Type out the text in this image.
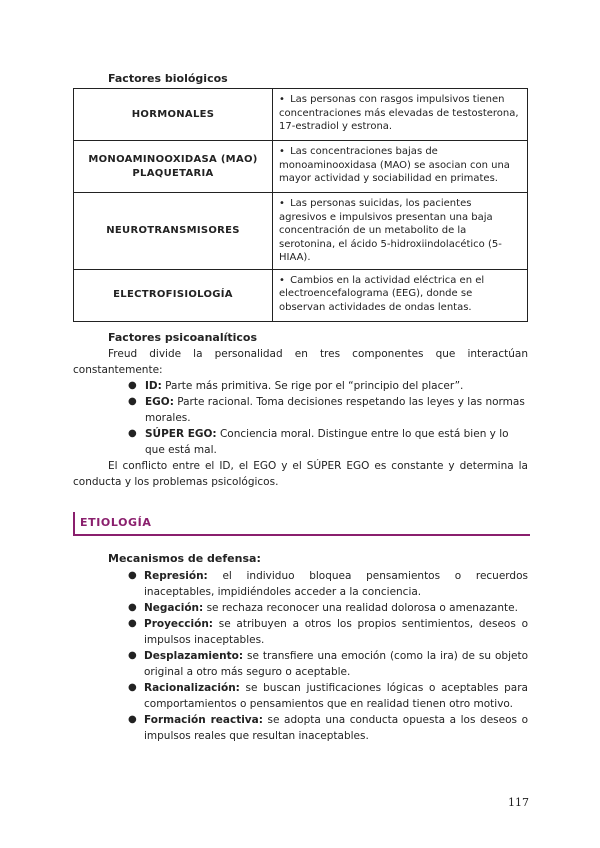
Factores biológicos
HORMONALES	• Las personas con rasgos impulsivos tienen concentraciones más elevadas de testosterona, 17-estradiol y estrona.
MONOAMINOOXIDASA (MAO) PLAQUETARIA	• Las concentraciones bajas de monoaminooxidasa (MAO) se asocian con una mayor actividad y sociabilidad en primates.
NEUROTRANSMISORES	• Las personas suicidas, los pacientes agresivos e impulsivos presentan una baja concentración de un metabolito de la serotonina, el ácido 5-hidroxiindolacético (5-HIAA).
ELECTROFISIOLOGÍA	• Cambios en la actividad eléctrica en el electroencefalograma (EEG), donde se observan actividades de ondas lentas.
Factores psicoanalíticos

Freud divide la personalidad en tres componentes que interactúan constantemente:

● ID: Parte más primitiva. Se rige por el “principio del placer”.
● EGO: Parte racional. Toma decisiones respetando las leyes y las normas morales.
● SÚPER EGO: Conciencia moral. Distingue entre lo que está bien y lo que está mal.

El conflicto entre el ID, el EGO y el SÚPER EGO es constante y determina la conducta y los problemas psicológicos.

ETIOLOGÍA
Mecanismos de defensa:
● Represión: el individuo bloquea pensamientos o recuerdos inaceptables, impidiéndoles acceder a la conciencia.
● Negación: se rechaza reconocer una realidad dolorosa o amenazante.
● Proyección: se atribuyen a otros los propios sentimientos, deseos o impulsos inaceptables.
● Desplazamiento: se transfiere una emoción (como la ira) de su objeto original a otro más seguro o aceptable.
● Racionalización: se buscan justificaciones lógicas o aceptables para comportamientos o pensamientos que en realidad tienen otro motivo.
● Formación reactiva: se adopta una conducta opuesta a los deseos o impulsos reales que resultan inaceptables.
117
